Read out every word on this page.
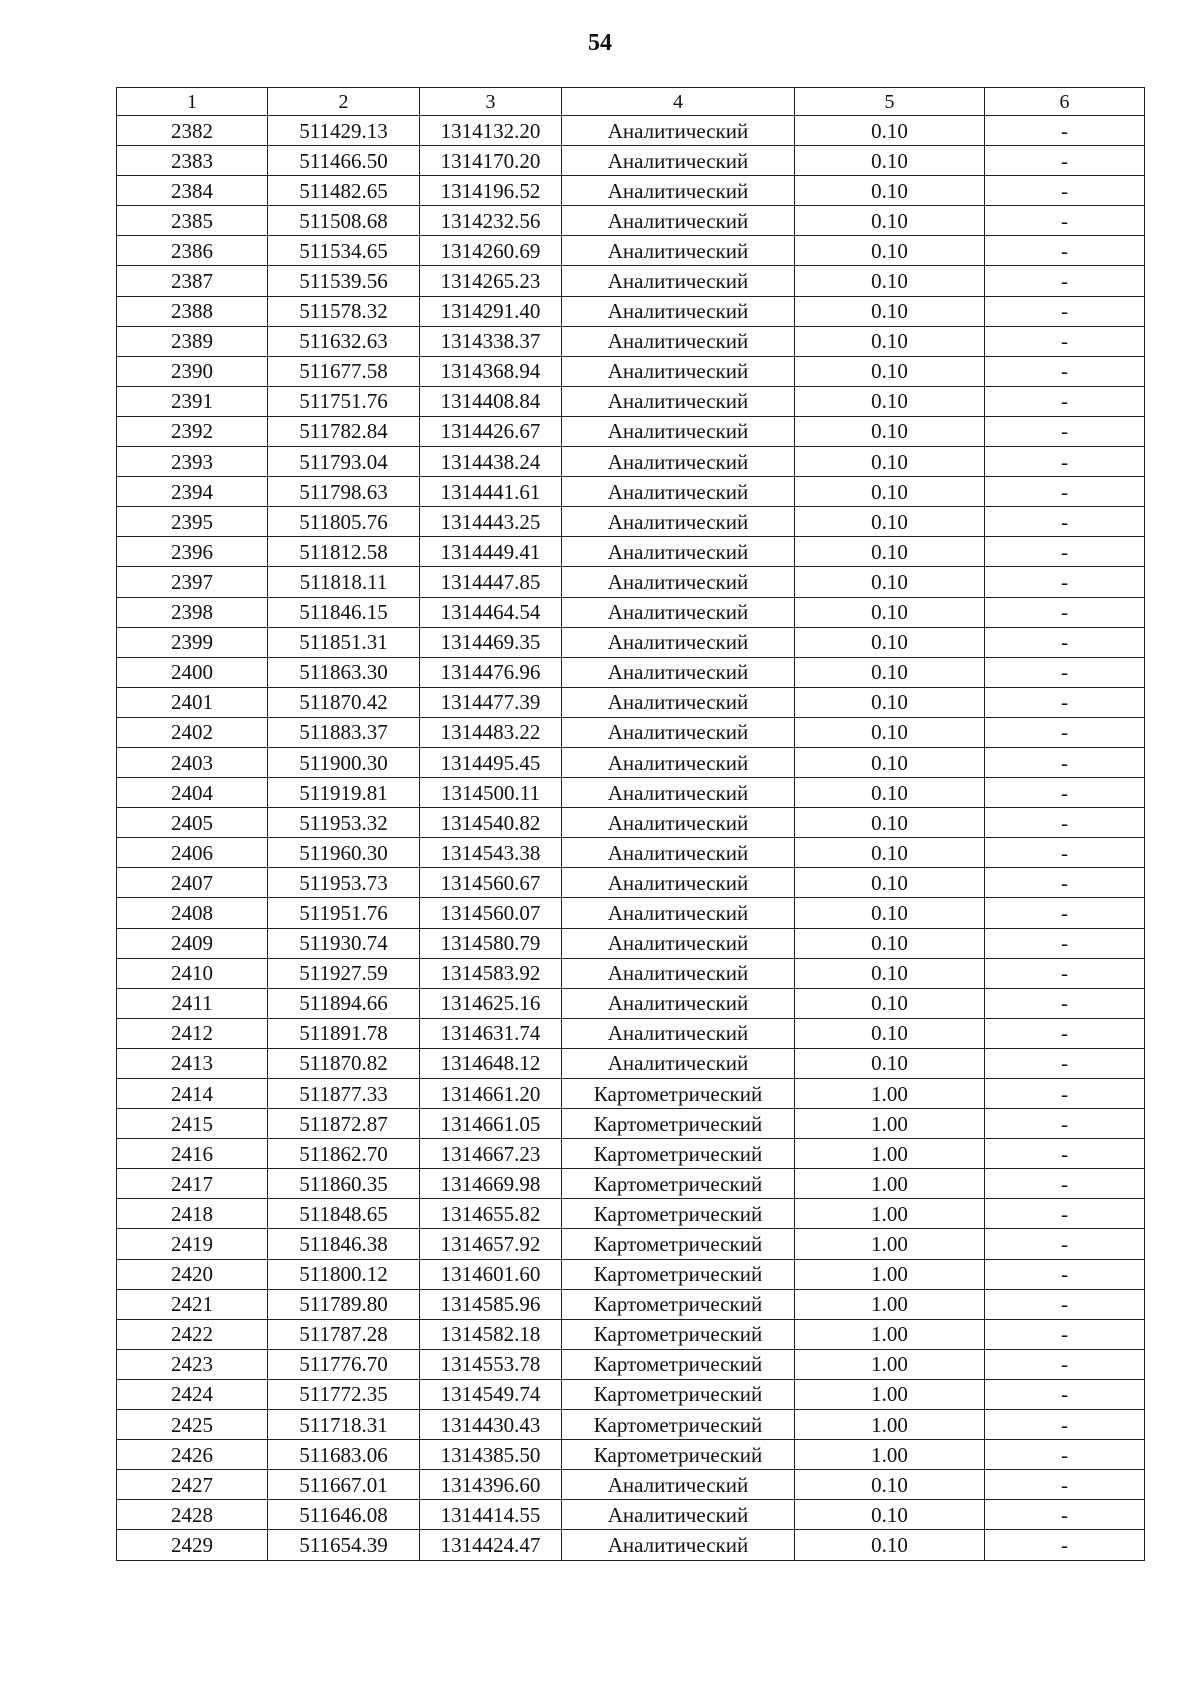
54
1	2	3	4	5	6
2382	511429.13	1314132.20	Аналитический	0.10	-
2383	511466.50	1314170.20	Аналитический	0.10	-
2384	511482.65	1314196.52	Аналитический	0.10	-
2385	511508.68	1314232.56	Аналитический	0.10	-
2386	511534.65	1314260.69	Аналитический	0.10	-
2387	511539.56	1314265.23	Аналитический	0.10	-
2388	511578.32	1314291.40	Аналитический	0.10	-
2389	511632.63	1314338.37	Аналитический	0.10	-
2390	511677.58	1314368.94	Аналитический	0.10	-
2391	511751.76	1314408.84	Аналитический	0.10	-
2392	511782.84	1314426.67	Аналитический	0.10	-
2393	511793.04	1314438.24	Аналитический	0.10	-
2394	511798.63	1314441.61	Аналитический	0.10	-
2395	511805.76	1314443.25	Аналитический	0.10	-
2396	511812.58	1314449.41	Аналитический	0.10	-
2397	511818.11	1314447.85	Аналитический	0.10	-
2398	511846.15	1314464.54	Аналитический	0.10	-
2399	511851.31	1314469.35	Аналитический	0.10	-
2400	511863.30	1314476.96	Аналитический	0.10	-
2401	511870.42	1314477.39	Аналитический	0.10	-
2402	511883.37	1314483.22	Аналитический	0.10	-
2403	511900.30	1314495.45	Аналитический	0.10	-
2404	511919.81	1314500.11	Аналитический	0.10	-
2405	511953.32	1314540.82	Аналитический	0.10	-
2406	511960.30	1314543.38	Аналитический	0.10	-
2407	511953.73	1314560.67	Аналитический	0.10	-
2408	511951.76	1314560.07	Аналитический	0.10	-
2409	511930.74	1314580.79	Аналитический	0.10	-
2410	511927.59	1314583.92	Аналитический	0.10	-
2411	511894.66	1314625.16	Аналитический	0.10	-
2412	511891.78	1314631.74	Аналитический	0.10	-
2413	511870.82	1314648.12	Аналитический	0.10	-
2414	511877.33	1314661.20	Картометрический	1.00	-
2415	511872.87	1314661.05	Картометрический	1.00	-
2416	511862.70	1314667.23	Картометрический	1.00	-
2417	511860.35	1314669.98	Картометрический	1.00	-
2418	511848.65	1314655.82	Картометрический	1.00	-
2419	511846.38	1314657.92	Картометрический	1.00	-
2420	511800.12	1314601.60	Картометрический	1.00	-
2421	511789.80	1314585.96	Картометрический	1.00	-
2422	511787.28	1314582.18	Картометрический	1.00	-
2423	511776.70	1314553.78	Картометрический	1.00	-
2424	511772.35	1314549.74	Картометрический	1.00	-
2425	511718.31	1314430.43	Картометрический	1.00	-
2426	511683.06	1314385.50	Картометрический	1.00	-
2427	511667.01	1314396.60	Аналитический	0.10	-
2428	511646.08	1314414.55	Аналитический	0.10	-
2429	511654.39	1314424.47	Аналитический	0.10	-
